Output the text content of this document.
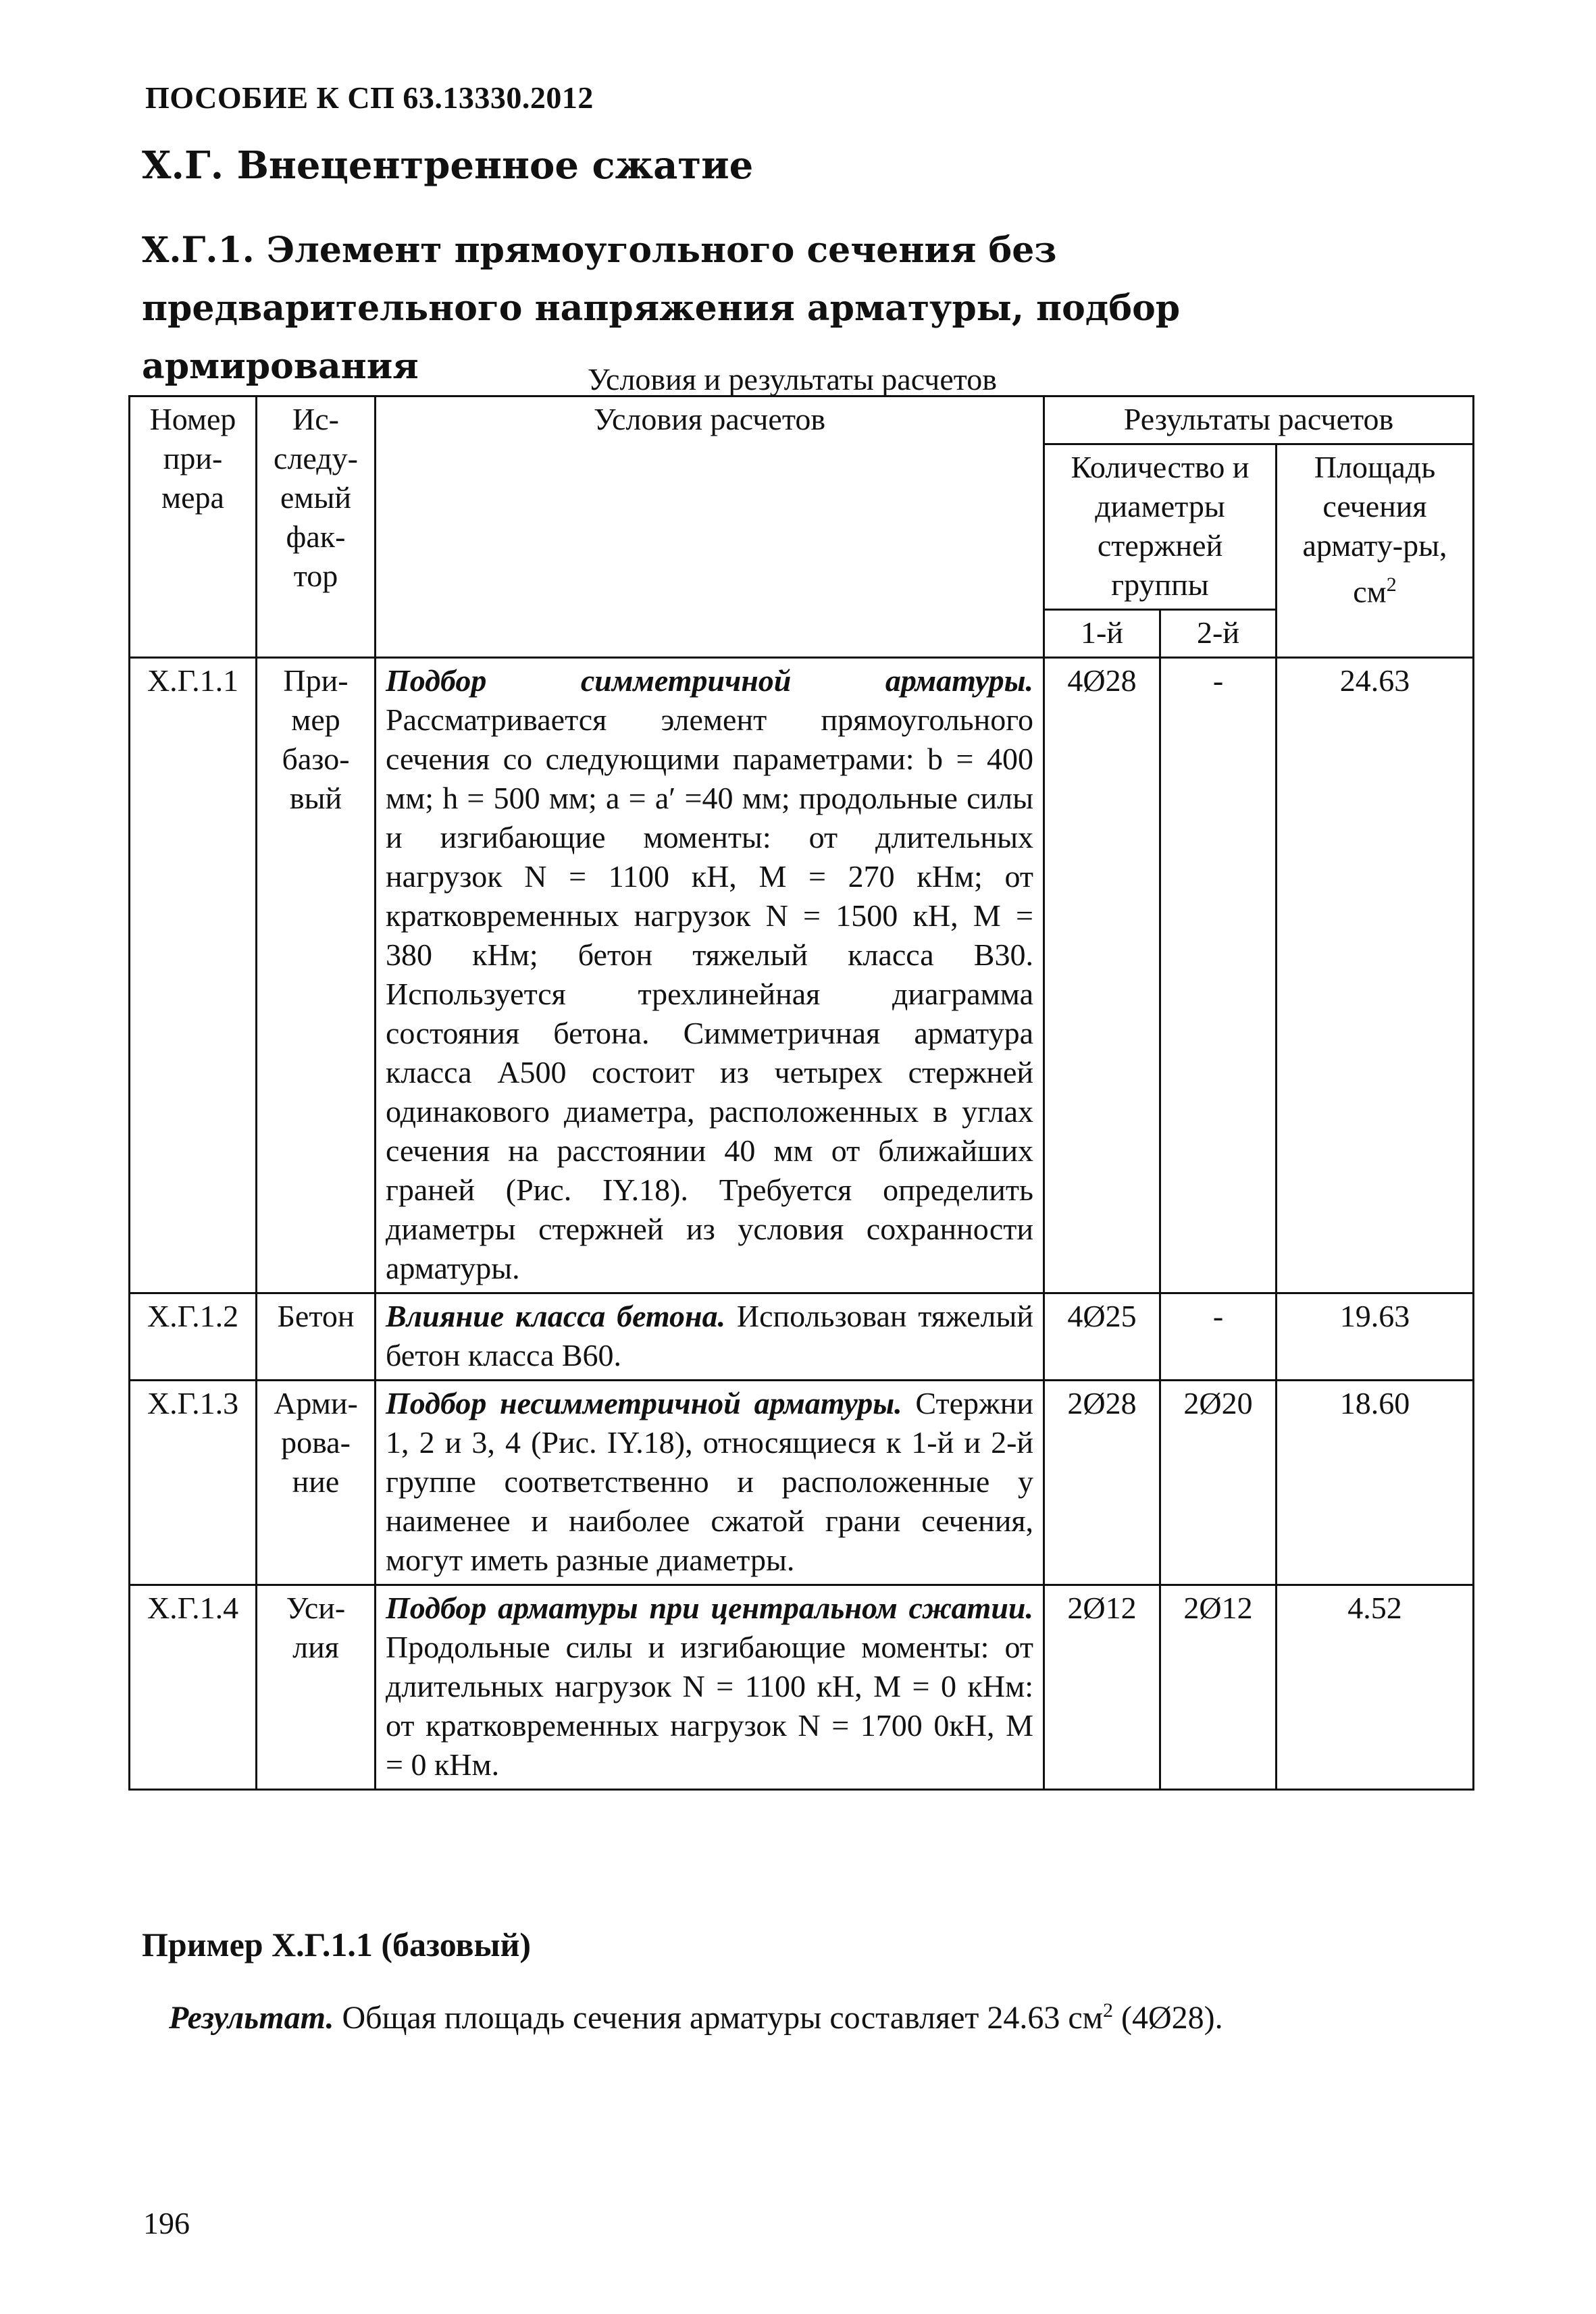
ПОСОБИЕ К СП 63.13330.2012
Х.Г. Внецентренное сжатие
Х.Г.1. Элемент прямоугольного сечения без предварительного напряжения арматуры, подбор армирования	Условия и результаты расчетов
Номер при-мера	Ис-следу-емый фак-тор	Условия расчетов	Результаты расчетов		
			Количество и диаметры стержней группы		Площадь сечения армату-ры, $см^2$
			1-й	2-й	
Х.Г.1.1	При-мер базо-вый	Подбор симметричной арматуры. Рассматривается элемент прямоугольного сечения со следующими параметрами: b = 400 мм; h = 500 мм; a = a′ =40 мм; продольные силы и изгибающие моменты: от длительных нагрузок N = 1100 кН, M = 270 кНм; от кратковременных нагрузок N = 1500 кН, M = 380 кНм; бетон тяжелый класса В30. Используется трехлинейная диаграмма состояния бетона. Симметричная арматура класса А500 состоит из четырех стержней одинакового диаметра, расположенных в углах сечения на расстоянии 40 мм от ближайших граней (Рис. IY.18). Требуется определить диаметры стержней из условия сохранности арматуры.	4Ø28	-	24.63
Х.Г.1.2	Бетон	Влияние класса бетона. Использован тяжелый бетон класса В60.	4Ø25	-	19.63
Х.Г.1.3	Арми-рова-ние	Подбор несимметричной арматуры. Стержни 1, 2 и 3, 4 (Рис. IY.18), относящиеся к 1-й и 2-й группе соответственно и расположенные у наименее и наиболее сжатой грани сечения, могут иметь разные диаметры.	2Ø28	2Ø20	18.60
Х.Г.1.4	Уси-лия	Подбор арматуры при центральном сжатии. Продольные силы и изгибающие моменты: от длительных нагрузок N = 1100 кН, M = 0 кНм: от кратковременных нагрузок N = 1700 0кН, M = 0 кНм.	2Ø12	2Ø12	4.52
Пример Х.Г.1.1 (базовый)
Результат. Общая площадь сечения арматуры составляет 24.63 $см^2$ (4Ø28).
196
